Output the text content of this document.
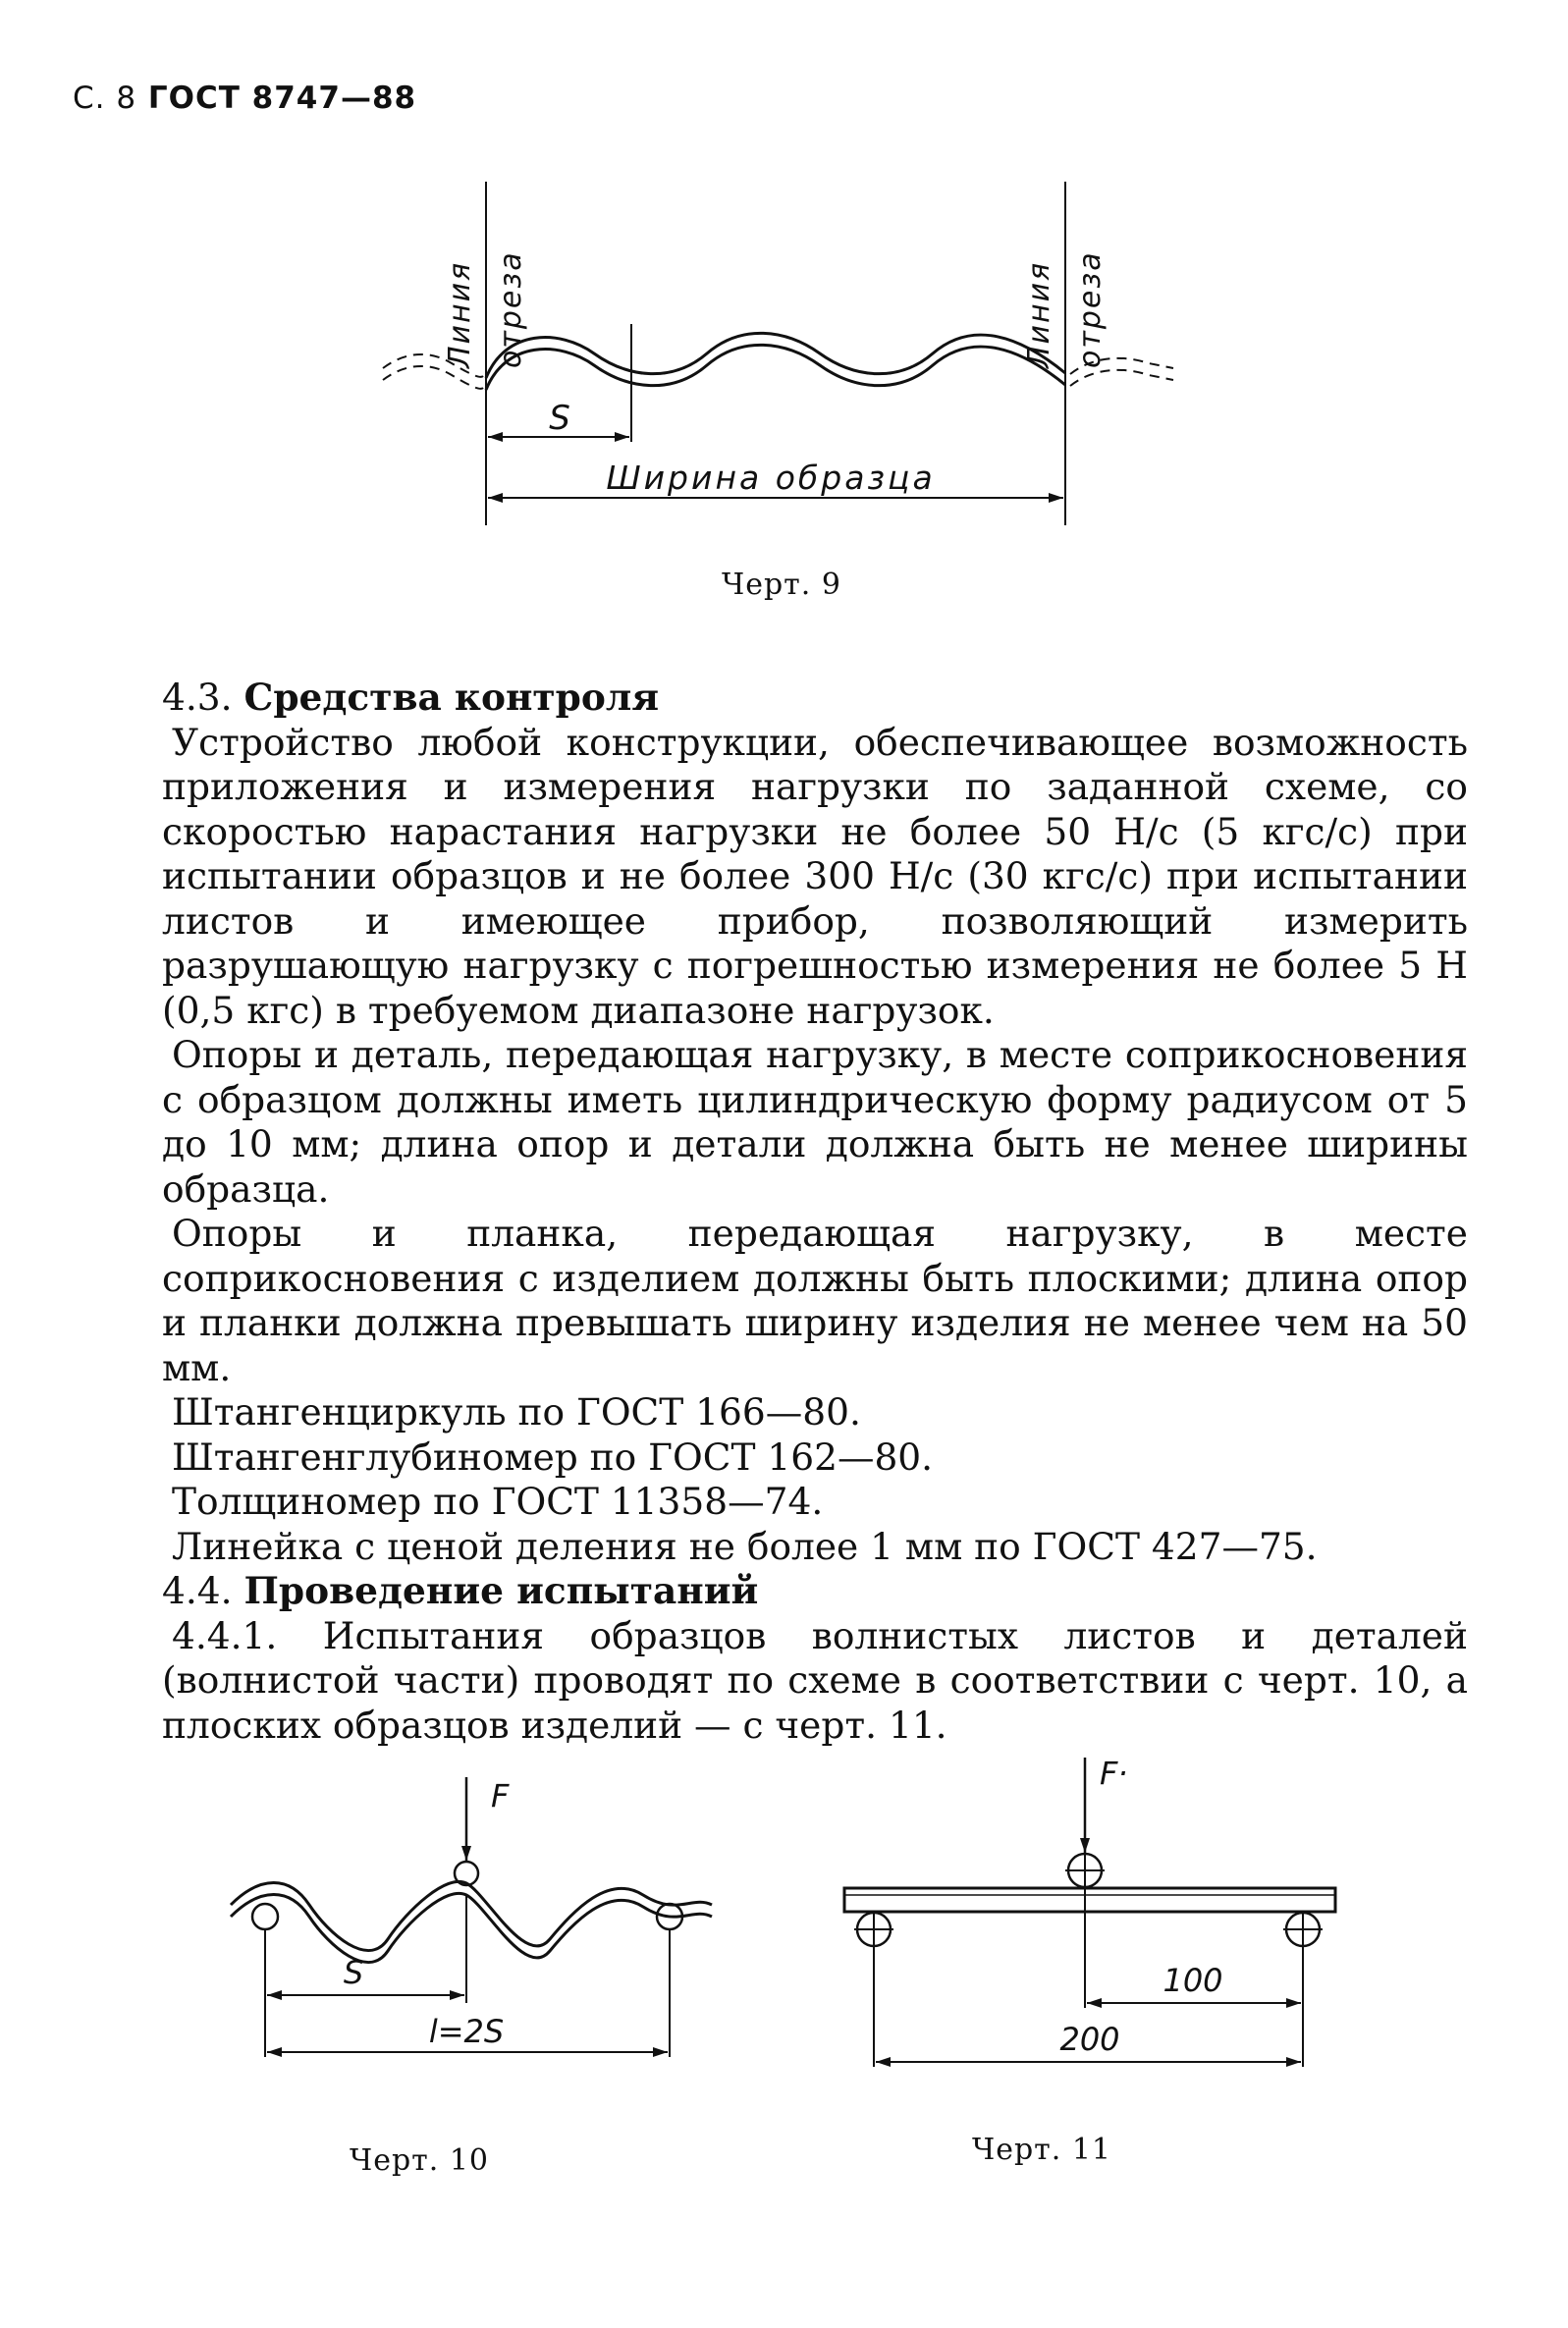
С. 8 ГОСТ 8747—88
S
Ширина образца
Линия отреза	Линия отреза
Черт. 9

4.3. Средства контроля

Устройство любой конструкции, обеспечивающее возможность приложения и измерения нагрузки по заданной схеме, со скоростью нарастания нагрузки не более 50 Н/с (5 кгс/с) при испытании образцов и не более 300 Н/с (30 кгс/с) при испытании листов и имеющее прибор, позволяющий измерить разрушающую нагрузку с погрешностью измерения не более 5 Н (0,5 кгс) в требуемом диапазоне нагрузок.

Опоры и деталь, передающая нагрузку, в месте соприкосновения с образцом должны иметь цилиндрическую форму радиусом от 5 до 10 мм; длина опор и детали должна быть не менее ширины образца.

Опоры и планка, передающая нагрузку, в месте соприкосновения с изделием должны быть плоскими; длина опор и планки должна превышать ширину изделия не менее чем на 50 мм.

Штангенциркуль по ГОСТ 166—80.

Штангенглубиномер по ГОСТ 162—80.

Толщиномер по ГОСТ 11358—74.

Линейка с ценой деления не более 1 мм по ГОСТ 427—75.

4.4. Проведение испытаний

4.4.1. Испытания образцов волнистых листов и деталей (волнистой части) проводят по схеме в соответствии с черт. 10, а плоских образцов изделий — с черт. 11.

F
S
l=2S
Черт. 10
F·
100
200
Черт. 11
